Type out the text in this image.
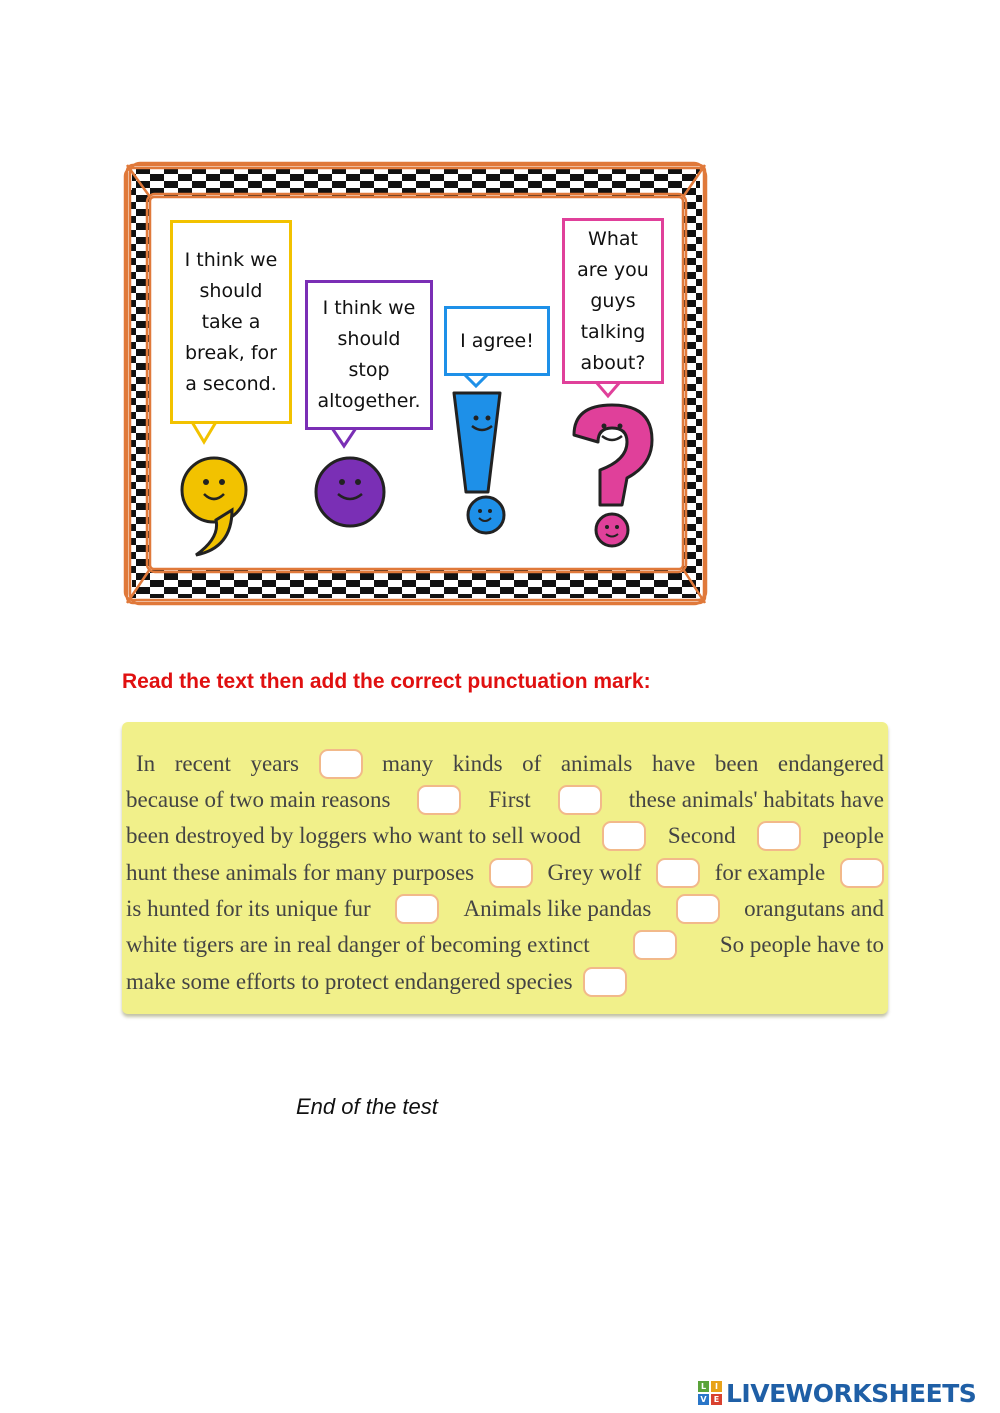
I think we
should
take a
break, for
a second.
I think we
should
stop
altogether.
I agree!
What
are you
guys
talking
about?
Read the text then add the correct punctuation mark:
In recent years	many kinds of animals have been endangered
because of two main reasons	First	these animals' habitats have
been destroyed by loggers who want to sell wood	Second	people
hunt these animals for many purposes	Grey wolf	for example
is hunted for its unique fur	Animals like pandas	orangutans and
white tigers are in real danger of becoming extinct	So people have to
make some efforts to protect endangered species
End of the test
L	I
V E LIVEWORKSHEETS
